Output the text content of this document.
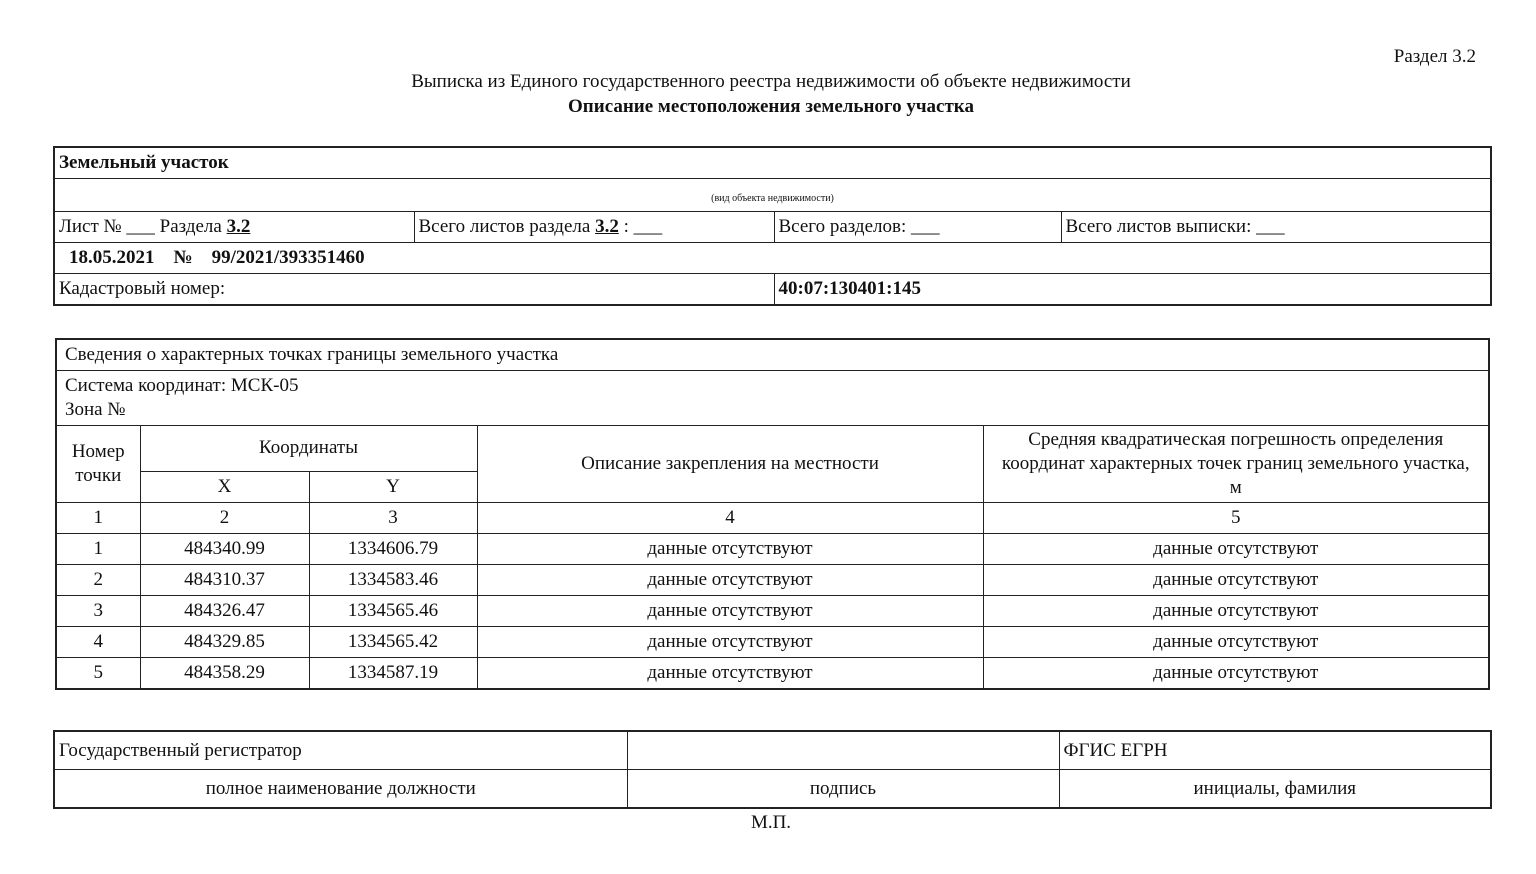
Раздел 3.2
Выписка из Единого государственного реестра недвижимости об объекте недвижимости
Описание местоположения земельного участка
Земельный участок			
(вид объекта недвижимости)			
Лист № ___ Раздела 3.2	Всего листов раздела 3.2 : ___	Всего разделов: ___	Всего листов выписки: ___
18.05.2021 № 99/2021/393351460			
Кадастровый номер:		40:07:130401:145	
Сведения о характерных точках границы земельного участка				

Система координат: МСК-05
Зона №				

Номер точки	Координаты		Описание закрепления на местности	Средняя квадратическая погрешность определения координат характерных точек границ земельного участка, м
	X	Y		
1	2	3	4	5
1	484340.99	1334606.79	данные отсутствуют	данные отсутствуют
2	484310.37	1334583.46	данные отсутствуют	данные отсутствуют
3	484326.47	1334565.46	данные отсутствуют	данные отсутствуют
4	484329.85	1334565.42	данные отсутствуют	данные отсутствуют
5	484358.29	1334587.19	данные отсутствуют	данные отсутствуют
Государственный регистратор		ФГИС ЕГРН
полное наименование должности	подпись	инициалы, фамилия
М.П.
